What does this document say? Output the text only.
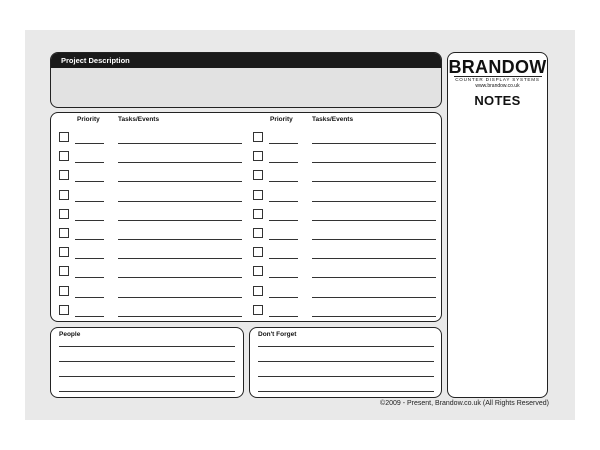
Project Description
Priority	Tasks/Events	Priority	Tasks/Events
People	Don't Forget
BRANDOW
COUNTER DISPLAY SYSTEMS
www.brandow.co.uk
NOTES
©2009 - Present, Brandow.co.uk (All Rights Reserved)
